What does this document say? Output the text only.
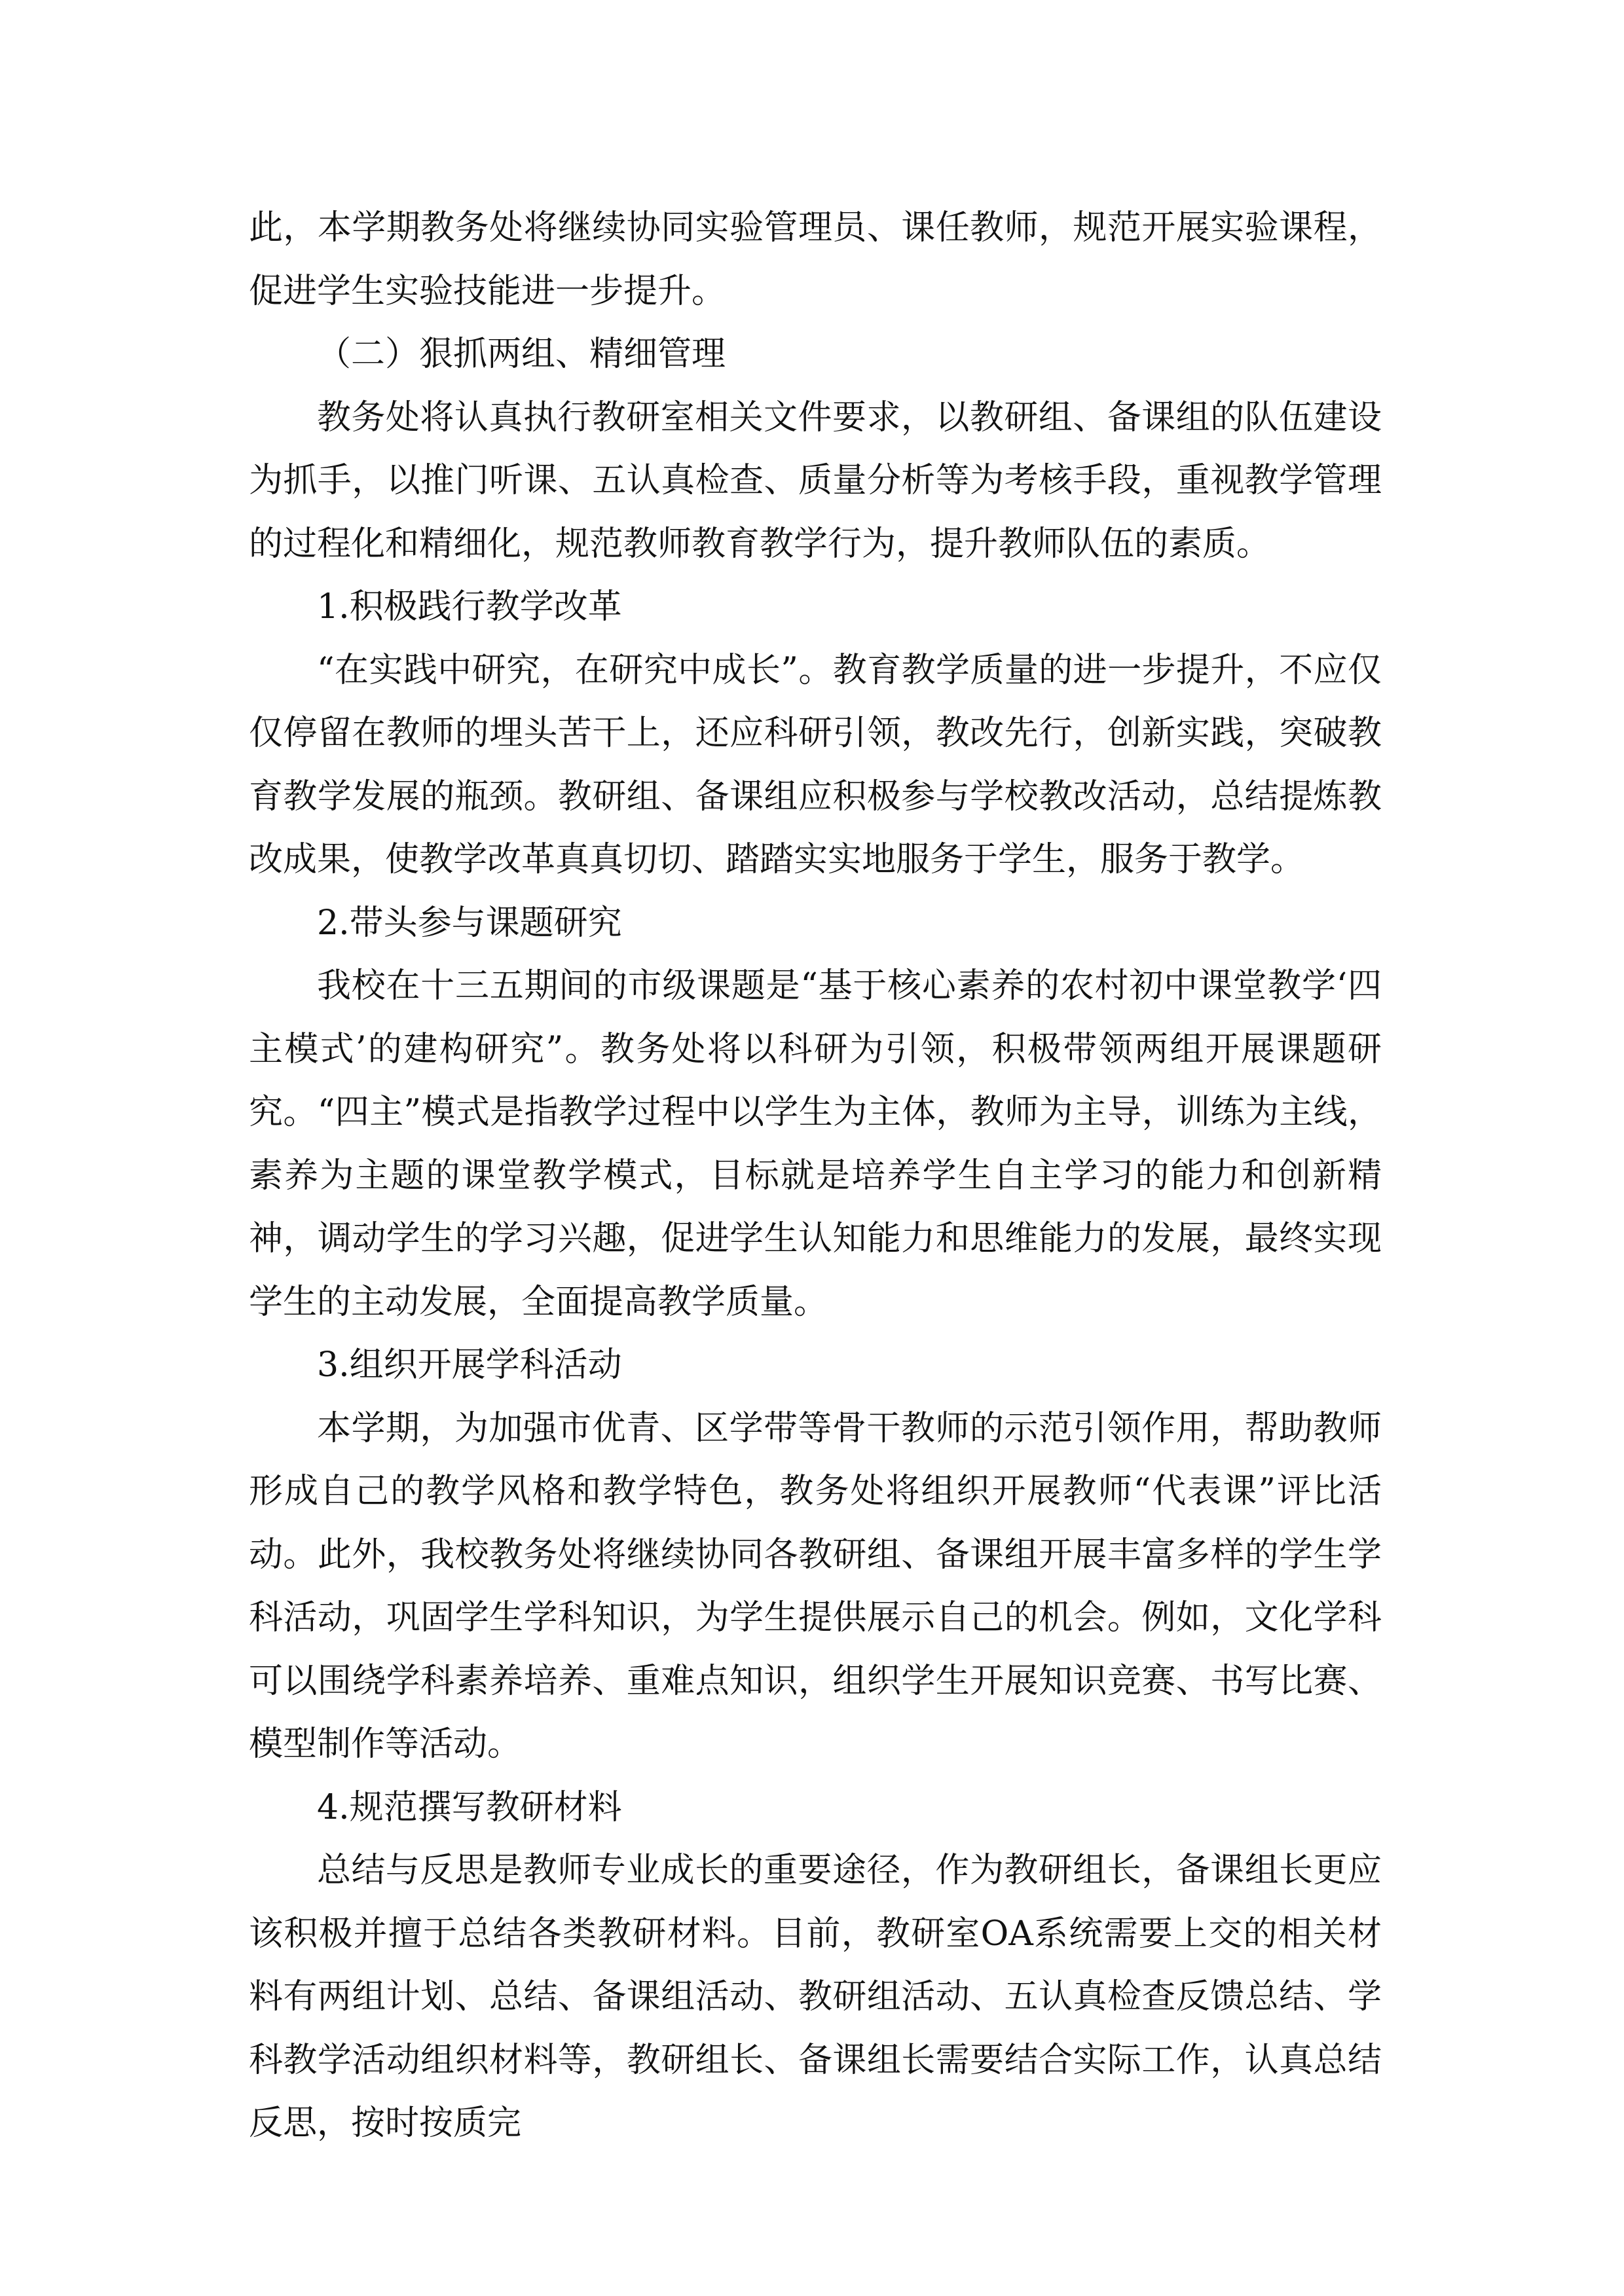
此，本学期教务处将继续协同实验管理员、课任教师，规范开展实验课程，促进学生实验技能进一步提升。

（二）狠抓两组、精细管理

教务处将认真执行教研室相关文件要求，以教研组、备课组的队伍建设为抓手，以推门听课、五认真检查、质量分析等为考核手段，重视教学管理的过程化和精细化，规范教师教育教学行为，提升教师队伍的素质。

1.积极践行教学改革

“在实践中研究，在研究中成长”。教育教学质量的进一步提升，不应仅仅停留在教师的埋头苦干上，还应科研引领，教改先行，创新实践，突破教育教学发展的瓶颈。教研组、备课组应积极参与学校教改活动，总结提炼教改成果，使教学改革真真切切、踏踏实实地服务于学生，服务于教学。

2.带头参与课题研究

我校在十三五期间的市级课题是“基于核心素养的农村初中课堂教学‘四主模式’的建构研究”。教务处将以科研为引领，积极带领两组开展课题研究。“四主”模式是指教学过程中以学生为主体，教师为主导，训练为主线，素养为主题的课堂教学模式，目标就是培养学生自主学习的能力和创新精神，调动学生的学习兴趣，促进学生认知能力和思维能力的发展，最终实现学生的主动发展，全面提高教学质量。

3.组织开展学科活动

本学期，为加强市优青、区学带等骨干教师的示范引领作用，帮助教师形成自己的教学风格和教学特色，教务处将组织开展教师“代表课”评比活动。此外，我校教务处将继续协同各教研组、备课组开展丰富多样的学生学科活动，巩固学生学科知识，为学生提供展示自己的机会。例如，文化学科可以围绕学科素养培养、重难点知识，组织学生开展知识竞赛、书写比赛、模型制作等活动。

4.规范撰写教研材料

总结与反思是教师专业成长的重要途径，作为教研组长，备课组长更应该积极并擅于总结各类教研材料。目前，教研室OA系统需要上交的相关材料有两组计划、总结、备课组活动、教研组活动、五认真检查反馈总结、学科教学活动组织材料等，教研组长、备课组长需要结合实际工作，认真总结反思，按时按质完
